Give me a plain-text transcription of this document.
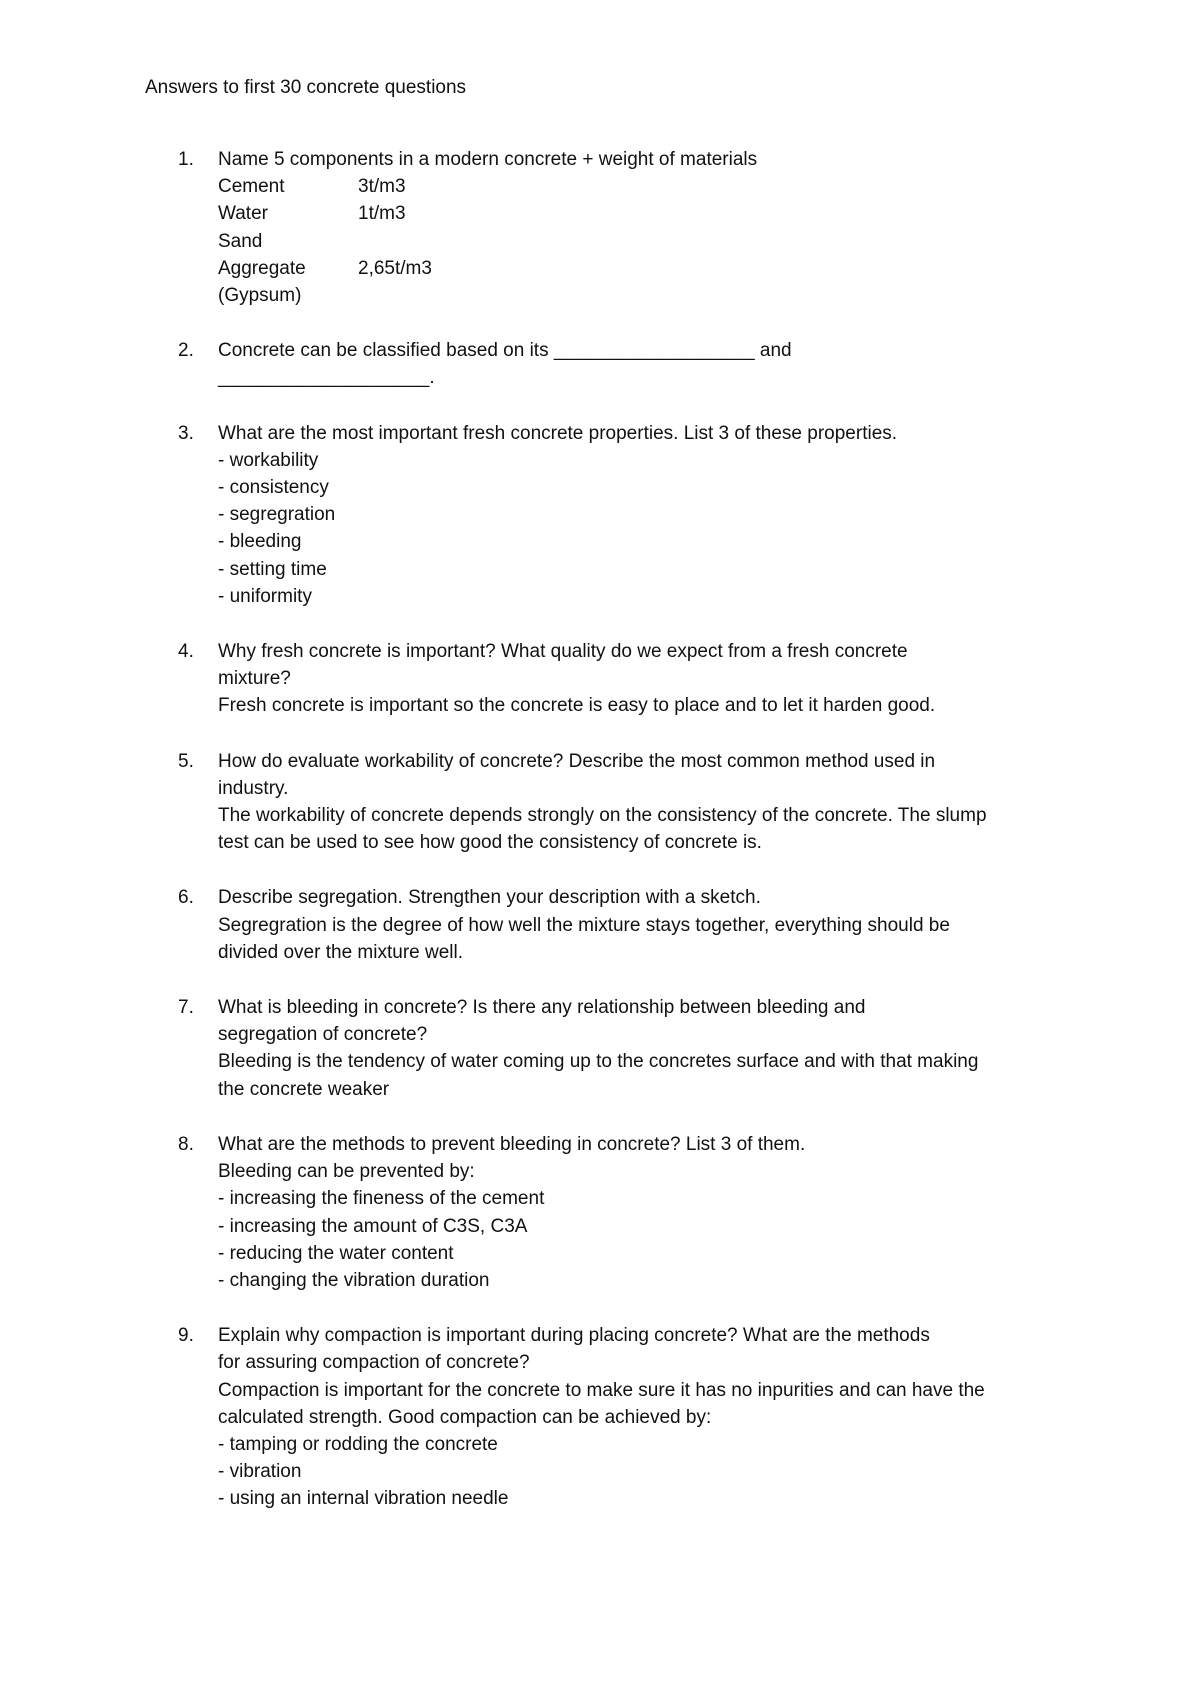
Answers to first 30 concrete questions
1.	Name 5 components in a modern concrete + weight of materials
Cement	3t/m3
Water	1t/m3
Sand	
Aggregate	2,65t/m3
(Gypsum)	
2.	Concrete can be classified based on its ___________________ and
____________________.
3.	What are the most important fresh concrete properties. List 3 of these properties.
- workability
- consistency
- segregration
- bleeding
- setting time
- uniformity
4.	Why fresh concrete is important? What quality do we expect from a fresh concrete
mixture?
Fresh concrete is important so the concrete is easy to place and to let it harden good.
5.	How do evaluate workability of concrete? Describe the most common method used in
industry.
The workability of concrete depends strongly on the consistency of the concrete. The slump
test can be used to see how good the consistency of concrete is.
6.	Describe segregation. Strengthen your description with a sketch.
Segregration is the degree of how well the mixture stays together, everything should be
divided over the mixture well.
7.	What is bleeding in concrete? Is there any relationship between bleeding and
segregation of concrete?
Bleeding is the tendency of water coming up to the concretes surface and with that making
the concrete weaker
8.	What are the methods to prevent bleeding in concrete? List 3 of them.
Bleeding can be prevented by:
- increasing the fineness of the cement
- increasing the amount of C3S, C3A
- reducing the water content
- changing the vibration duration
9.	Explain why compaction is important during placing concrete? What are the methods
for assuring compaction of concrete?
Compaction is important for the concrete to make sure it has no inpurities and can have the
calculated strength. Good compaction can be achieved by:
- tamping or rodding the concrete
- vibration
- using an internal vibration needle
